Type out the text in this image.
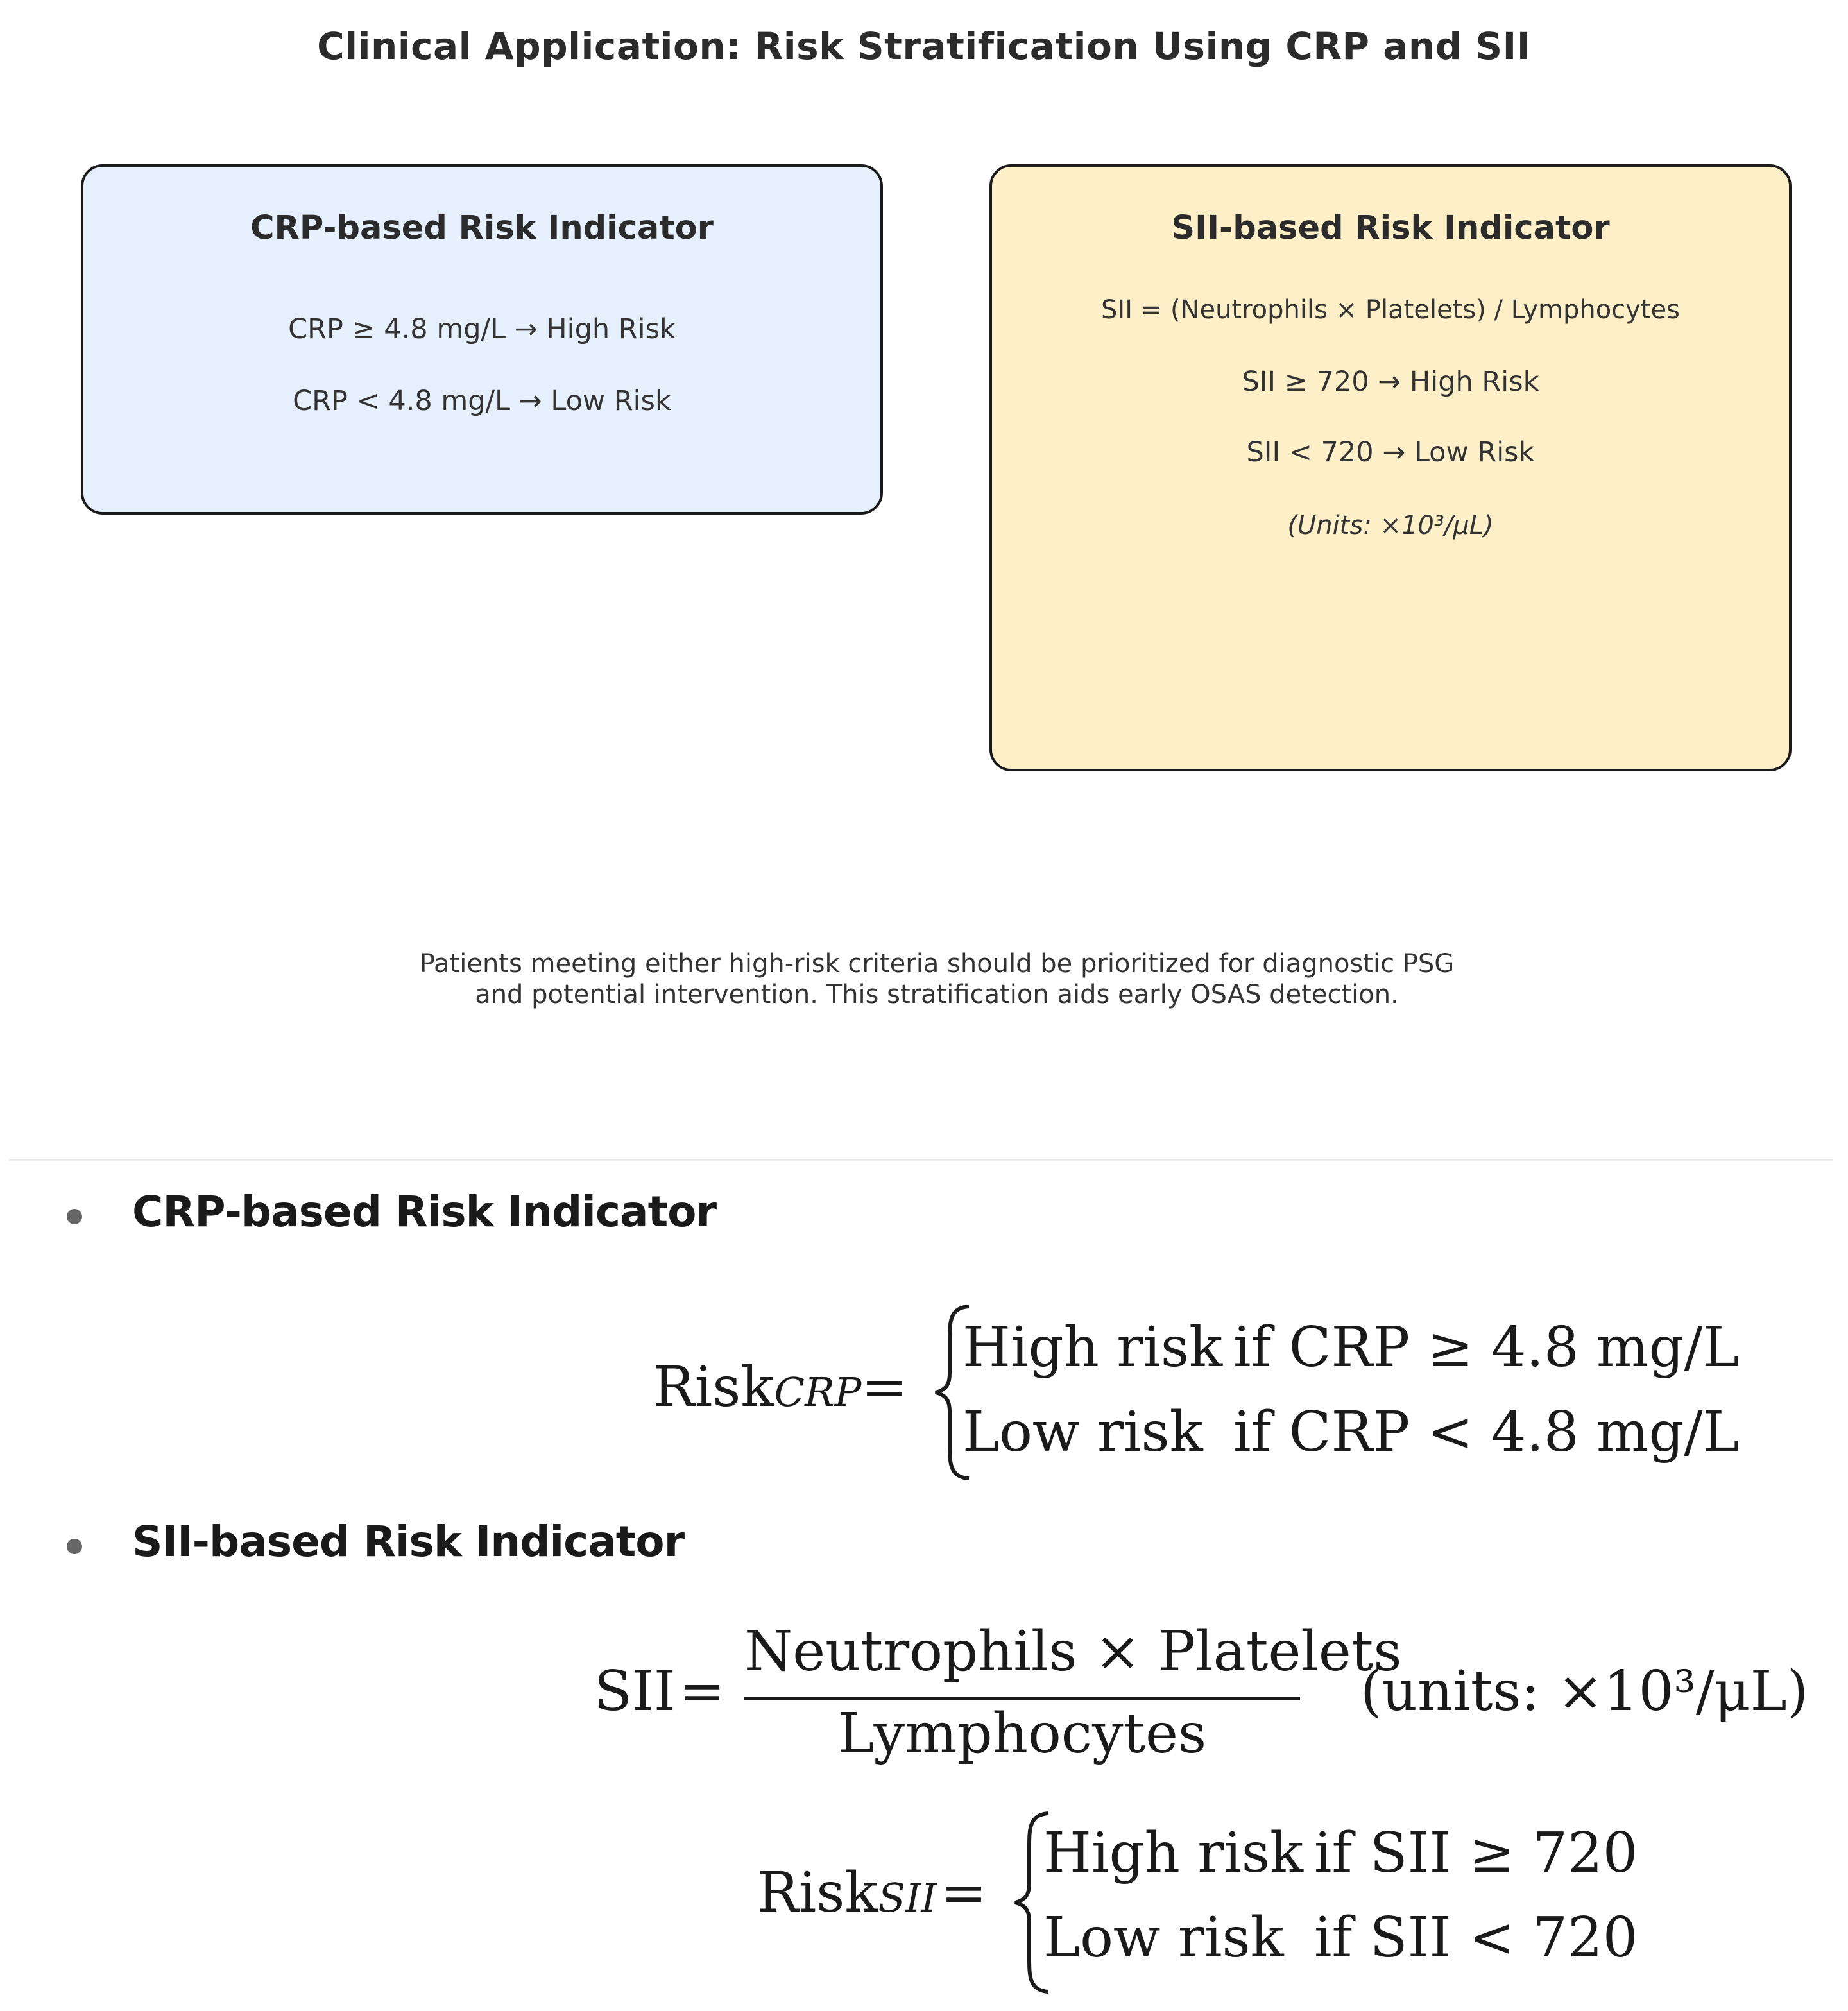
Clinical Application: Risk Stratification Using CRP and SII
CRP-based Risk Indicator
CRP ≥ 4.8 mg/L → High Risk
CRP < 4.8 mg/L → Low Risk
SII-based Risk Indicator
SII = (Neutrophils × Platelets) / Lymphocytes
SII ≥ 720 → High Risk
SII < 720 → Low Risk
(Units: ×10³/μL)
Patients meeting either high-risk criteria should be prioritized for diagnostic PSG
and potential intervention. This stratification aids early OSAS detection.
CRP-based Risk Indicator
RiskCRP =
High risk if CRP ≥ 4.8 mg/L
Low risk if CRP < 4.8 mg/L
SII-based Risk Indicator
SII =
Neutrophils × Platelets
Lymphocytes
(units: ×10³/μL)
RiskSII =
High risk if SII ≥ 720
Low risk if SII < 720
